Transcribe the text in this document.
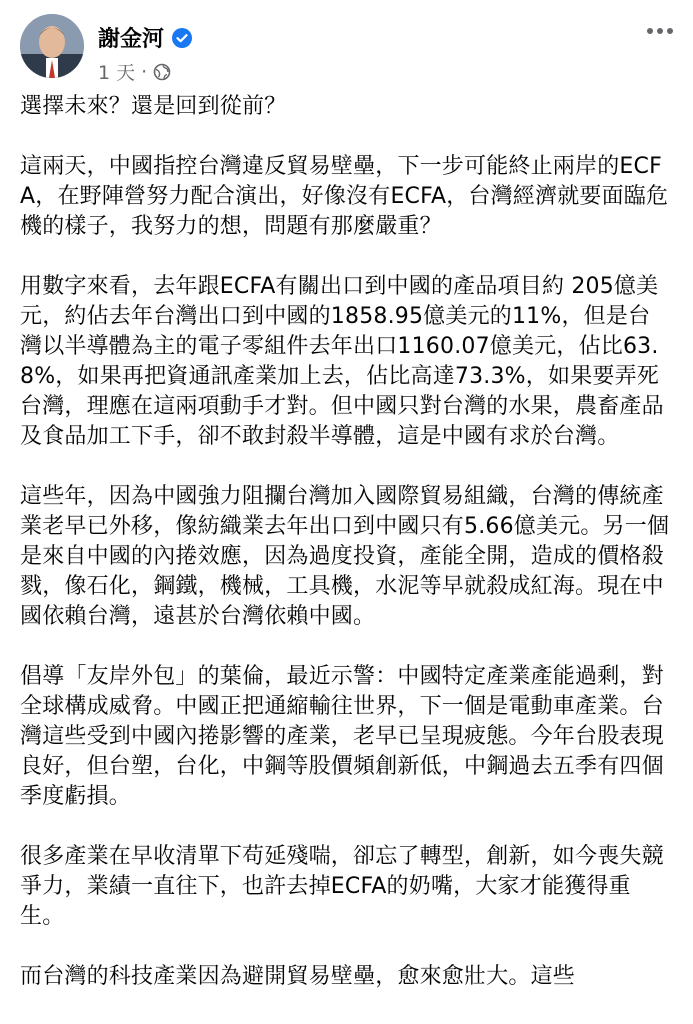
謝金河
1 天 ·

選擇未來？還是回到從前？

這兩天，中國指控台灣違反貿易壁壘，下一步可能終止兩岸的ECFA，在野陣營努力配合演出，好像沒有ECFA，台灣經濟就要面臨危機的樣子，我努力的想，問題有那麼嚴重？

用數字來看，去年跟ECFA有關出口到中國的產品項目約 205億美元，約佔去年台灣出口到中國的1858.95億美元的11%，但是台灣以半導體為主的電子零組件去年出口1160.07億美元，佔比63.8%，如果再把資通訊產業加上去，佔比高達73.3%，如果要弄死台灣，理應在這兩項動手才對。但中國只對台灣的水果，農畜產品及食品加工下手，卻不敢封殺半導體，這是中國有求於台灣。

這些年，因為中國強力阻攔台灣加入國際貿易組織，台灣的傳統產業老早已外移，像紡織業去年出口到中國只有5.66億美元。另一個是來自中國的內捲效應，因為過度投資，產能全開，造成的價格殺戮，像石化，鋼鐵，機械，工具機，水泥等早就殺成紅海。現在中國依賴台灣，遠甚於台灣依賴中國。

倡導「友岸外包」的葉倫，最近示警：中國特定產業產能過剩，對全球構成威脅。中國正把通縮輸往世界，下一個是電動車產業。台灣這些受到中國內捲影響的產業，老早已呈現疲態。今年台股表現良好，但台塑，台化，中鋼等股價頻創新低，中鋼過去五季有四個季度虧損。

很多產業在早收清單下苟延殘喘，卻忘了轉型，創新，如今喪失競爭力，業績一直往下，也許去掉ECFA的奶嘴，大家才能獲得重生。

而台灣的科技產業因為避開貿易壁壘，愈來愈壯大。這些
